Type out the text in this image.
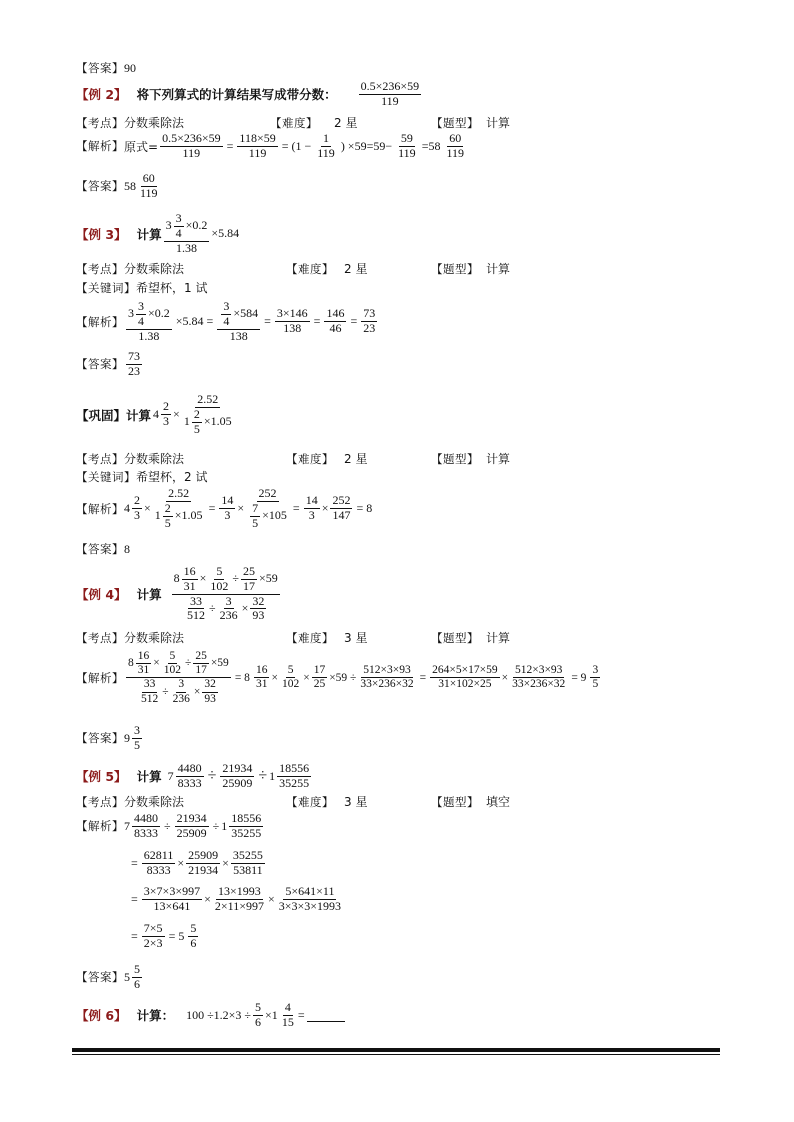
【答案】 90
【例 2】 将下列算式的计算结果写成带分数：
0.5×236×59
119
【考点】 分数乘除法	【难度】 2 星	【题型】 计算
【解析】 原式= $\frac{0.5\times 236\times 59}{119} = \frac{118\times 59}{119} = (1 - \frac{1}{119}$ ) $\times 59=59- \frac{59}{119} =58$
60
119
【答案】 58
60
119
【例 3】 计算 $\frac{3 \frac{3}{4} \times 0.2}{1.38} \times 5.84$
【考点】 分数乘除法	【难度】 2 星	【题型】 计算
【关键词】 希望杯，1 试
【解析】 $\frac{3 \frac{3}{4} \times 0.2}{1.38} \times 5.84 = \frac{\frac{3}{4} \times 584}{138} = \frac{3\times 146}{138} = \frac{146}{46} = \frac{73}{23}$
【答案】
73
23
【巩固】 计算 $4 \frac{2}{3} \times \frac{2.52}{1 \frac{2}{5} \times 1.05}$
【考点】 分数乘除法	【难度】 2 星	【题型】 计算
【关键词】 希望杯，2 试
【解析】 $4 \frac{2}{3} \times \frac{2.52}{1 \frac{2}{5} \times 1.05} = \frac{14}{3} \times \frac{252}{\frac{7}{5} \times 105} = \frac{14}{3} \times \frac{252}{147} = 8$
【答案】 8
【例 4】 计算
$8 \frac{16}{31} \times \frac{5}{102} \div \frac{25}{17} \times 59$
$\frac{33}{512} \div \frac{3}{236} \times \frac{32}{93}$
【考点】 分数乘除法	【难度】 3 星	【题型】 计算
【解析】 $\frac{8 \frac{16}{31} \times \frac{5}{102} \div \frac{25}{17} \times 59}{\frac{33}{512} \div \frac{3}{236} \times \frac{32}{93}} = 8 \frac{16}{31} \times \frac{5}{102} \times \frac{17}{25} \times 59 \div \frac{512\times 3\times 93}{33\times 236\times 32} = \frac{264\times 5\times 17\times 59}{31\times 102\times 25} \times \frac{512\times 3\times 93}{33\times 236\times 32} = 9$
3
5
【答案】 9
3
5
【例 5】 计算 $7 \frac{4480}{8333} \div \frac{21934}{25909} \div 1$
18556
35255
【考点】 分数乘除法	【难度】 3 星	【题型】 填空
【解析】 $7 \frac{4480}{8333} \div \frac{21934}{25909} \div 1$
18556
35255
= $\frac{62811}{8333} \times \frac{25909}{21934} \times \frac{35255}{53811}$
= $\frac{3\times 7\times 3\times 997}{13\times 641} \times \frac{13\times 1993}{2\times 11\times 997} \times \frac{5\times 641\times 11}{3\times 3\times 3\times 1993}$
= $\frac{7\times 5}{2\times 3} = 5$
5
6
【答案】 5
5
6
【例 6】 计算： $100 \div 1.2\times 3 \div \frac{5}{6} \times 1 \frac{4}{15}$ =
